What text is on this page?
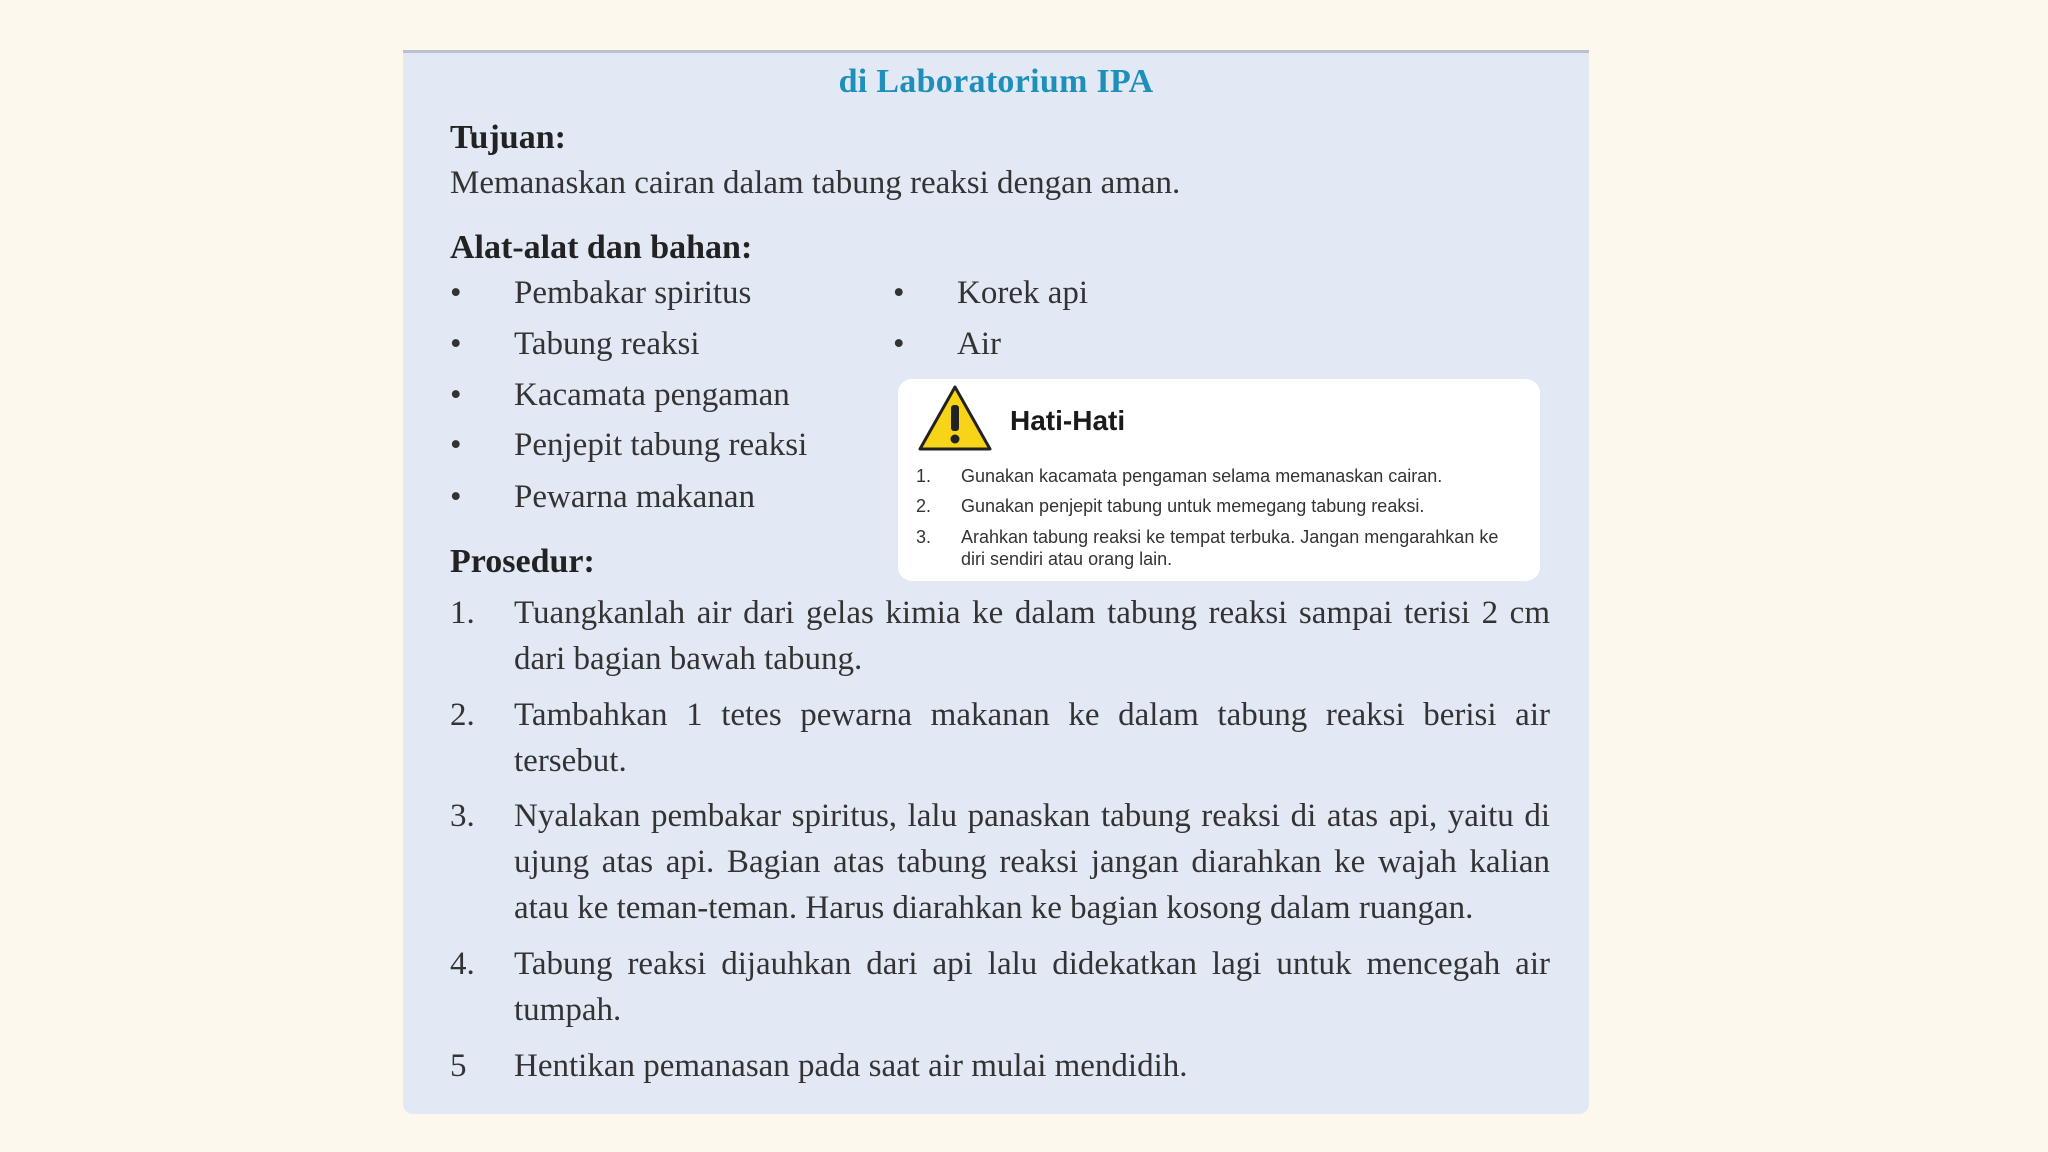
di Laboratorium IPA
Tujuan:
Memanaskan cairan dalam tabung reaksi dengan aman.
Alat-alat dan bahan:
• Pembakar spiritus
• Tabung reaksi
• Kacamata pengaman
• Penjepit tabung reaksi
• Pewarna makanan
• Korek api
• Air
Hati-Hati
1. Gunakan kacamata pengaman selama memanaskan cairan.
2. Gunakan penjepit tabung untuk memegang tabung reaksi.
3. Arahkan tabung reaksi ke tempat terbuka. Jangan mengarahkan ke diri sendiri atau orang lain.
Prosedur:
1. Tuangkanlah air dari gelas kimia ke dalam tabung reaksi sampai terisi 2 cm dari bagian bawah tabung.
2. Tambahkan 1 tetes pewarna makanan ke dalam tabung reaksi berisi air tersebut.
3. Nyalakan pembakar spiritus, lalu panaskan tabung reaksi di atas api, yaitu di ujung atas api. Bagian atas tabung reaksi jangan diarahkan ke wajah kalian atau ke teman-teman. Harus diarahkan ke bagian kosong dalam ruangan.
4. Tabung reaksi dijauhkan dari api lalu didekatkan lagi untuk mencegah air tumpah.
5 Hentikan pemanasan pada saat air mulai mendidih.
